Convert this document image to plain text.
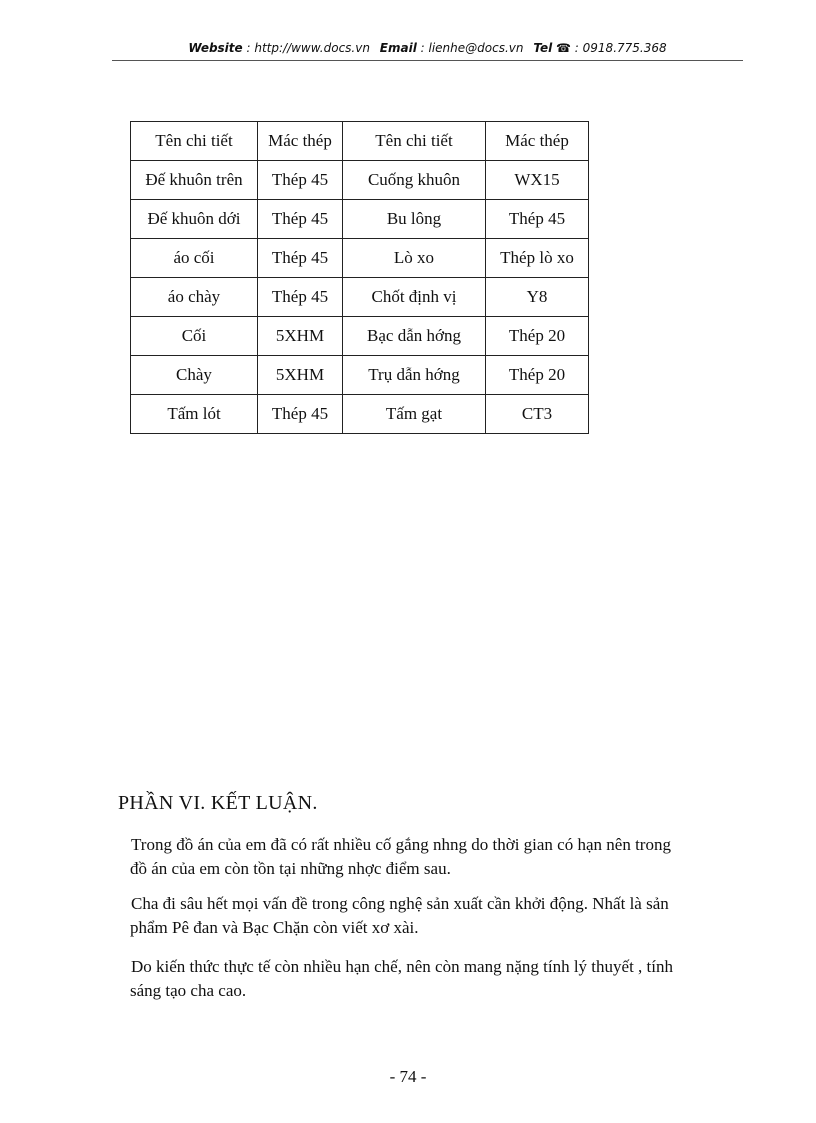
Website : http://www.docs.vn Email : lienhe@docs.vn Tel ☎ : 0918.775.368
Tên chi tiết	Mác thép	Tên chi tiết	Mác thép
Đế khuôn trên	Thép 45	Cuống khuôn	WX15
Đế khuôn dới	Thép 45	Bu lông	Thép 45
áo cối	Thép 45	Lò xo	Thép lò xo
áo chày	Thép 45	Chốt định vị	Y8
Cối	5XHM	Bạc dẫn hớng	Thép 20
Chày	5XHM	Trụ dẫn hớng	Thép 20
Tấm lót	Thép 45	Tấm gạt	CT3
PHẦN VI. KẾT LUẬN.

Trong đồ án của em đã có rất nhiều cố gắng nhng do thời gian có hạn nên trong
đồ án của em còn tồn tại những nhợc điểm sau.

Cha đi sâu hết mọi vấn đề trong công nghệ sản xuất cần khởi động. Nhất là sản
phẩm Pê đan và Bạc Chặn còn viết xơ xài.

Do kiến thức thực tế còn nhiều hạn chế, nên còn mang nặng tính lý thuyết , tính
sáng tạo cha cao.

- 74 -
